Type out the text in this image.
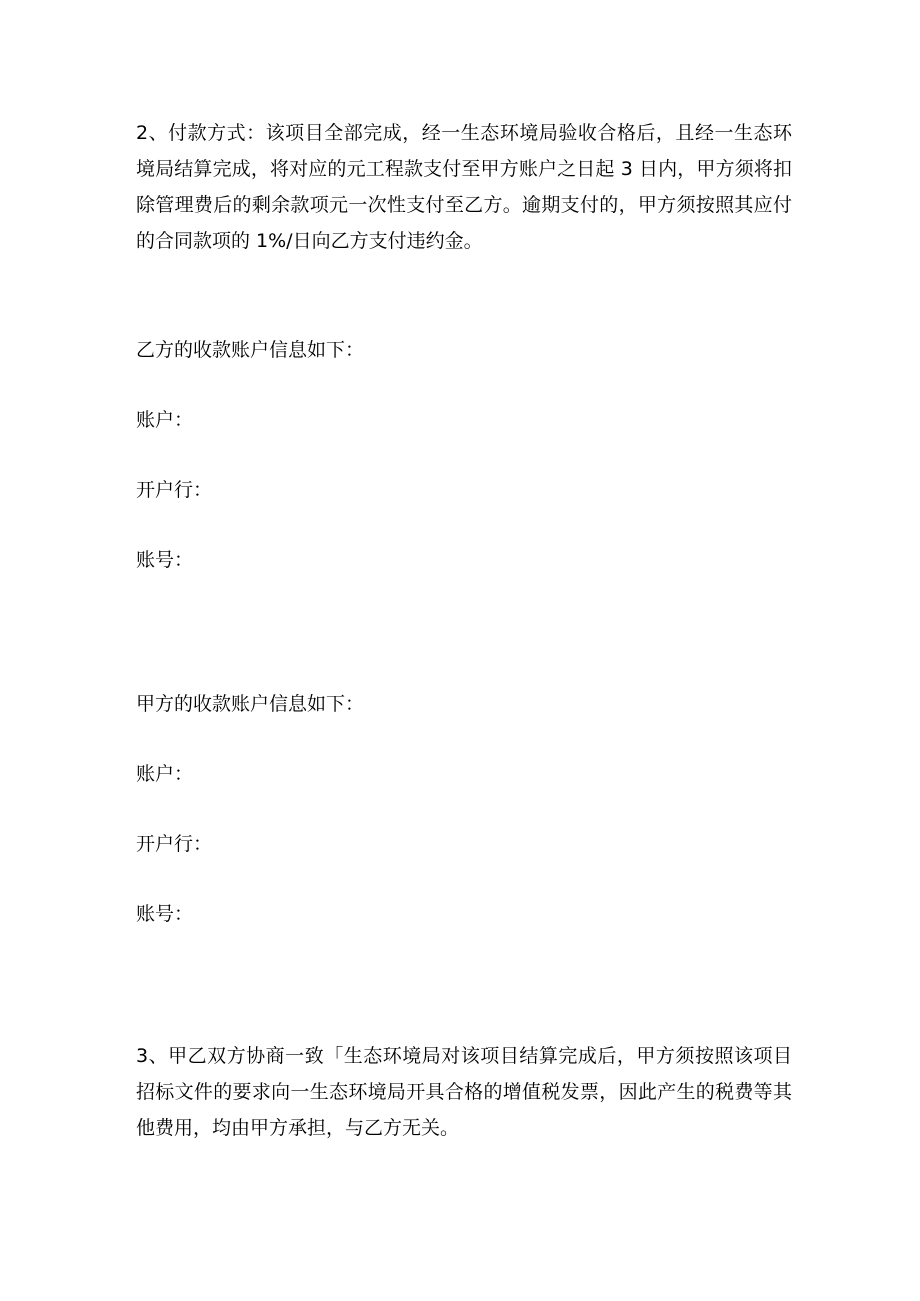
2、付款方式：该项目全部完成，经一生态环境局验收合格后，且经一生态环境局结算完成，将对应的元工程款支付至甲方账户之日起 3 日内，甲方须将扣除管理费后的剩余款项元一次性支付至乙方。逾期支付的，甲方须按照其应付的合同款项的 1%/日向乙方支付违约金。

乙方的收款账户信息如下：

账户：

开户行：

账号：

甲方的收款账户信息如下：

账户：

开户行：

账号：

3、甲乙双方协商一致「生态环境局对该项目结算完成后，甲方须按照该项目招标文件的要求向一生态环境局开具合格的增值税发票，因此产生的税费等其他费用，均由甲方承担，与乙方无关。
